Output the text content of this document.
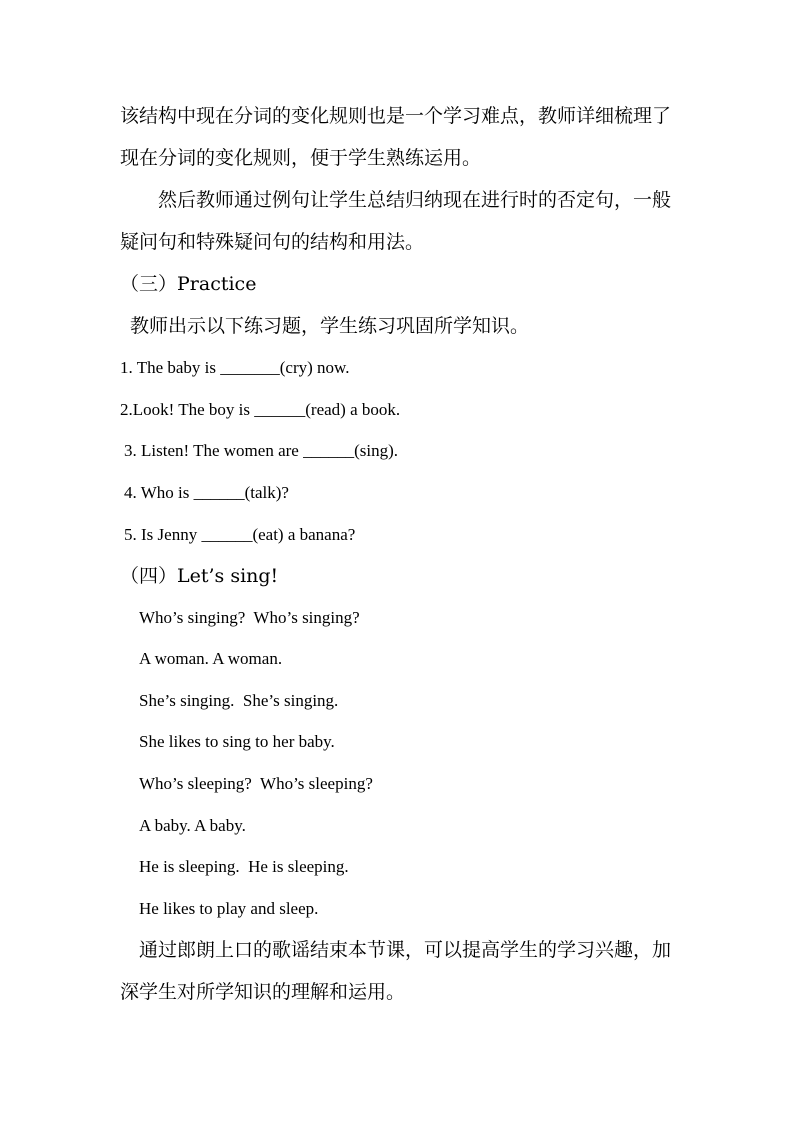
该结构中现在分词的变化规则也是一个学习难点，教师详细梳理了
现在分词的变化规则，便于学生熟练运用。
然后教师通过例句让学生总结归纳现在进行时的否定句，一般
疑问句和特殊疑问句的结构和用法。
（三）Practice
教师出示以下练习题，学生练习巩固所学知识。
1. The baby is _______(cry) now.
2.Look! The boy is ______(read) a book.
3. Listen! The women are ______(sing).
4. Who is ______(talk)?
5. Is Jenny ______(eat) a banana?
（四）Let’s sing!
Who’s singing?  Who’s singing?
A woman. A woman.
She’s singing.  She’s singing.
She likes to sing to her baby.
Who’s sleeping?  Who’s sleeping?
A baby. A baby.
He is sleeping.  He is sleeping.
He likes to play and sleep.
通过郎朗上口的歌谣结束本节课，可以提高学生的学习兴趣，加
深学生对所学知识的理解和运用。
